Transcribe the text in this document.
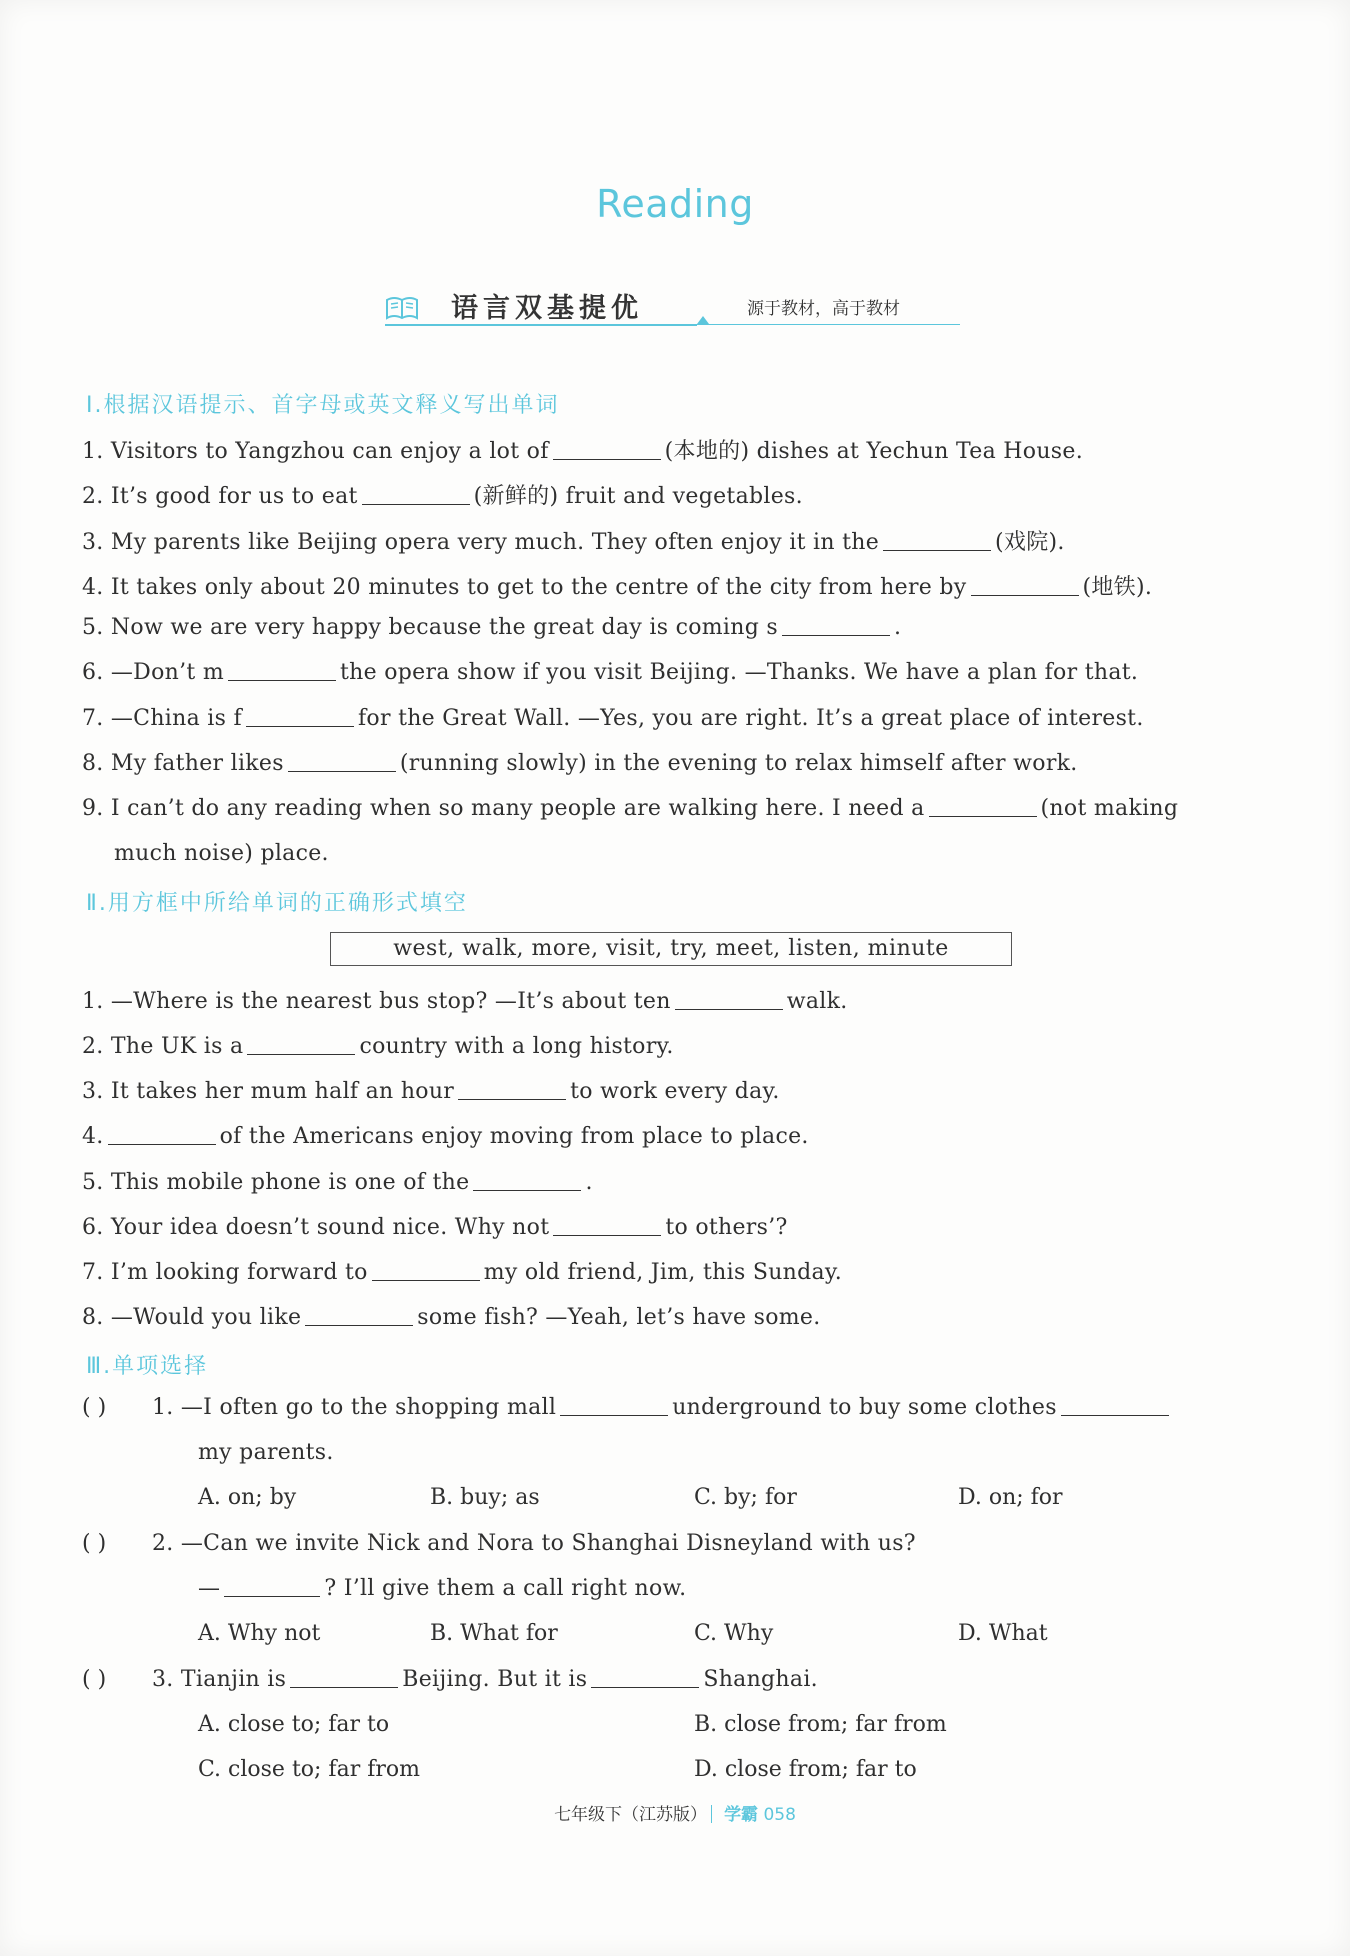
Reading
语言双基提优	源于教材，高于教材
Ⅰ.根据汉语提示、首字母或英文释义写出单词
1. Visitors to Yangzhou can enjoy a lot of	(本地的) dishes at Yechun Tea House.
2. It’s good for us to eat	(新鲜的) fruit and vegetables.
3. My parents like Beijing opera very much. They often enjoy it in the	(戏院).
4. It takes only about 20 minutes to get to the centre of the city from here by	(地铁).
5. Now we are very happy because the great day is coming s	.
6. —Don’t m	the opera show if you visit Beijing. —Thanks. We have a plan for that.
7. —China is f	for the Great Wall. —Yes, you are right. It’s a great place of interest.
8. My father likes	(running slowly) in the evening to relax himself after work.
9. I can’t do any reading when so many people are walking here. I need a	(not making
much noise) place.
Ⅱ.用方框中所给单词的正确形式填空
west, walk, more, visit, try, meet, listen, minute
1. —Where is the nearest bus stop? —It’s about ten	walk.
2. The UK is a	country with a long history.
3. It takes her mum half an hour	to work every day.
4.	of the Americans enjoy moving from place to place.
5. This mobile phone is one of the	.
6. Your idea doesn’t sound nice. Why not	to others’?
7. I’m looking forward to	my old friend, Jim, this Sunday.
8. —Would you like	some fish? —Yeah, let’s have some.
Ⅲ.单项选择
( ) 1. —I often go to the shopping mall	underground to buy some clothes
my parents.
A. on; by	B. buy; as	C. by; for	D. on; for
( ) 2. —Can we invite Nick and Nora to Shanghai Disneyland with us?
—	? I’ll give them a call right now.
A. Why not	B. What for	C. Why	D. What
( ) 3. Tianjin is	Beijing. But it is	Shanghai.
A. close to; far to	B. close from; far from
C. close to; far from	D. close from; far to
七年级下（江苏版） 学霸 058
